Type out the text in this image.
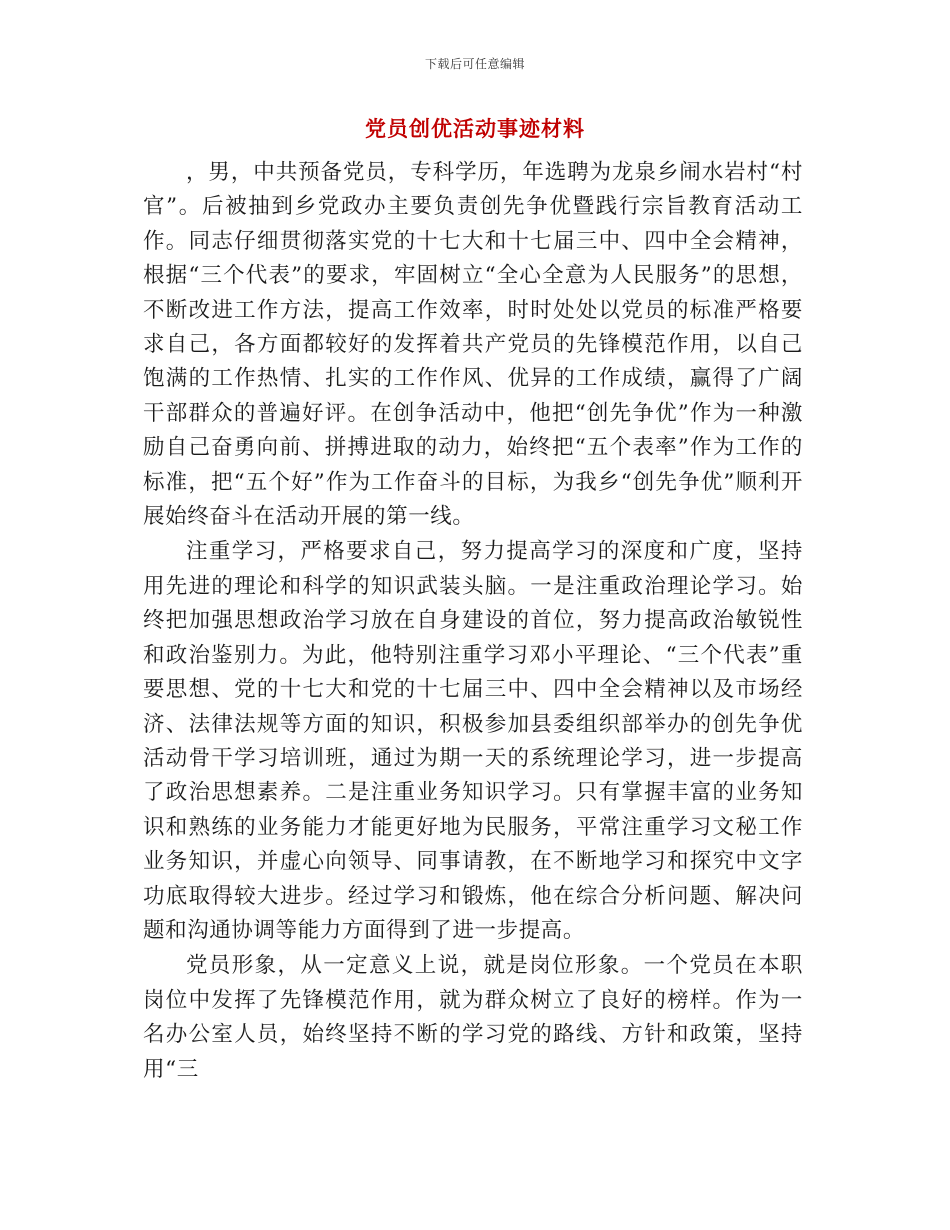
下载后可任意编辑
党员创优活动事迹材料

，男，中共预备党员，专科学历，年选聘为龙泉乡闹水岩村“村官”。后被抽到乡党政办主要负责创先争优暨践行宗旨教育活动工作。同志仔细贯彻落实党的十七大和十七届三中、四中全会精神，根据“三个代表”的要求，牢固树立“全心全意为人民服务”的思想，不断改进工作方法，提高工作效率，时时处处以党员的标准严格要求自己，各方面都较好的发挥着共产党员的先锋模范作用，以自己饱满的工作热情、扎实的工作作风、优异的工作成绩，赢得了广阔干部群众的普遍好评。在创争活动中，他把“创先争优”作为一种激励自己奋勇向前、拼搏进取的动力，始终把“五个表率”作为工作的标准，把“五个好”作为工作奋斗的目标，为我乡“创先争优”顺利开展始终奋斗在活动开展的第一线。

注重学习，严格要求自己，努力提高学习的深度和广度，坚持用先进的理论和科学的知识武装头脑。一是注重政治理论学习。始终把加强思想政治学习放在自身建设的首位，努力提高政治敏锐性和政治鉴别力。为此，他特别注重学习邓小平理论、“三个代表”重要思想、党的十七大和党的十七届三中、四中全会精神以及市场经济、法律法规等方面的知识，积极参加县委组织部举办的创先争优活动骨干学习培训班，通过为期一天的系统理论学习，进一步提高了政治思想素养。二是注重业务知识学习。只有掌握丰富的业务知识和熟练的业务能力才能更好地为民服务，平常注重学习文秘工作业务知识，并虚心向领导、同事请教，在不断地学习和探究中文字功底取得较大进步。经过学习和锻炼，他在综合分析问题、解决问题和沟通协调等能力方面得到了进一步提高。

党员形象，从一定意义上说，就是岗位形象。一个党员在本职岗位中发挥了先锋模范作用，就为群众树立了良好的榜样。作为一名办公室人员，始终坚持不断的学习党的路线、方针和政策，坚持用“三
